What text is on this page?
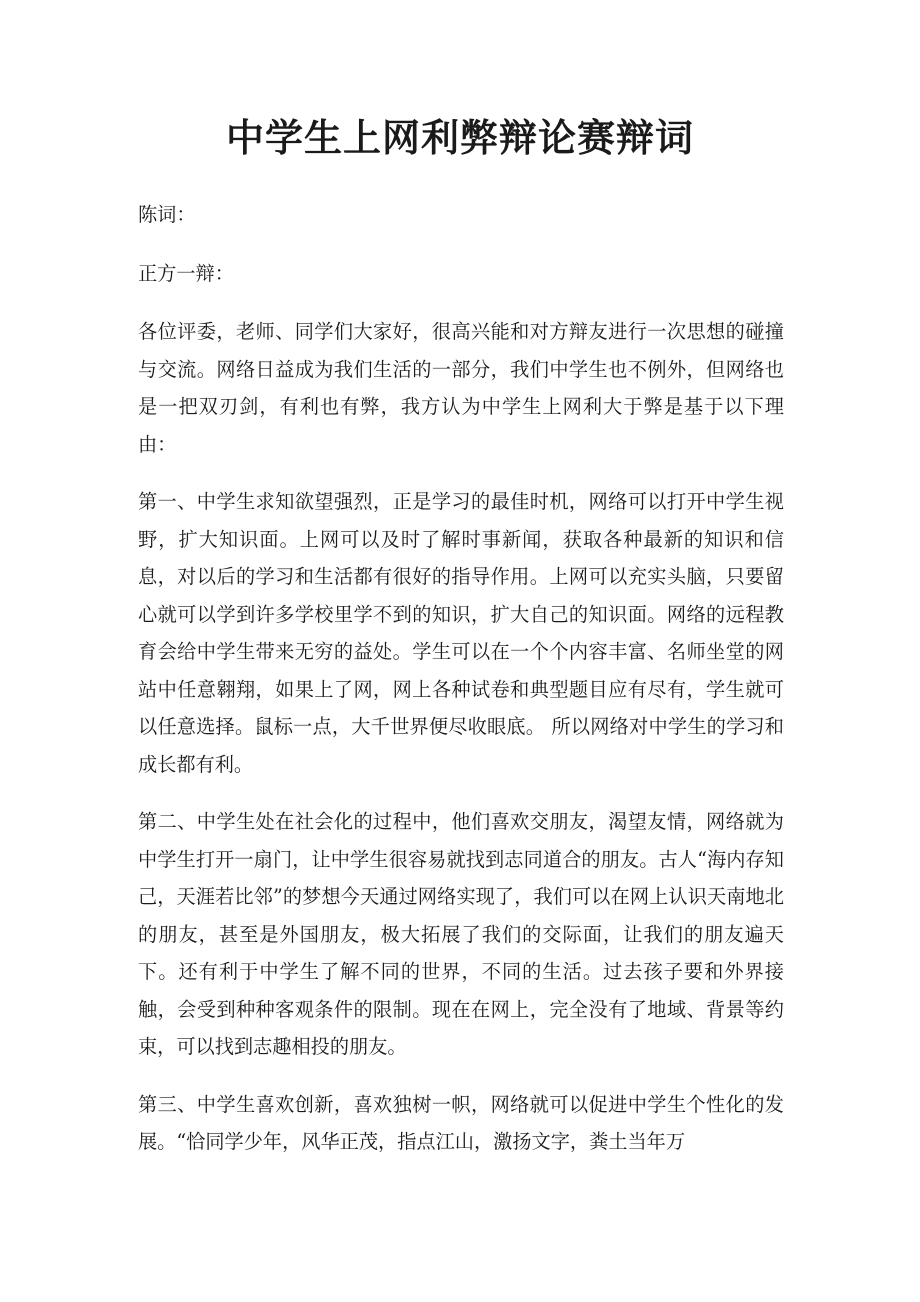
中学生上网利弊辩论赛辩词

陈词：

正方一辩：

各位评委，老师、同学们大家好，很高兴能和对方辩友进行一次思想的碰撞与交流。网络日益成为我们生活的一部分，我们中学生也不例外，但网络也是一把双刃剑，有利也有弊，我方认为中学生上网利大于弊是基于以下理由：

第一、中学生求知欲望强烈，正是学习的最佳时机，网络可以打开中学生视野，扩大知识面。上网可以及时了解时事新闻，获取各种最新的知识和信息，对以后的学习和生活都有很好的指导作用。上网可以充实头脑，只要留心就可以学到许多学校里学不到的知识，扩大自己的知识面。网络的远程教育会给中学生带来无穷的益处。学生可以在一个个内容丰富、名师坐堂的网站中任意翱翔，如果上了网，网上各种试卷和典型题目应有尽有，学生就可以任意选择。鼠标一点，大千世界便尽收眼底。 所以网络对中学生的学习和成长都有利。

第二、中学生处在社会化的过程中，他们喜欢交朋友，渴望友情，网络就为中学生打开一扇门，让中学生很容易就找到志同道合的朋友。古人“海内存知己，天涯若比邻”的梦想今天通过网络实现了，我们可以在网上认识天南地北的朋友，甚至是外国朋友，极大拓展了我们的交际面，让我们的朋友遍天下。还有利于中学生了解不同的世界，不同的生活。过去孩子要和外界接触，会受到种种客观条件的限制。现在在网上，完全没有了地域、背景等约束，可以找到志趣相投的朋友。

第三、中学生喜欢创新，喜欢独树一帜，网络就可以促进中学生个性化的发展。“恰同学少年，风华正茂，指点江山，激扬文字，粪土当年万
